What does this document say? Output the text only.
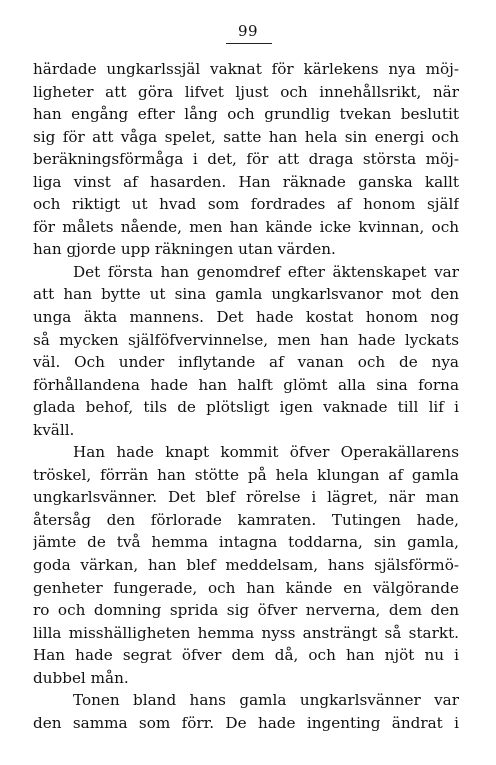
99
härdade ungkarlssjäl vaknat för kärlekens nya möj-
ligheter att göra lifvet ljust och innehållsrikt, när
han engång efter lång och grundlig tvekan beslutit
sig för att våga spelet, satte han hela sin energi och
beräkningsförmåga i det, för att draga största möj-
liga vinst af hasarden. Han räknade ganska kallt
och riktigt ut hvad som fordrades af honom själf
för målets nående, men han kände icke kvinnan, och
han gjorde upp räkningen utan värden.
Det första han genomdref efter äktenskapet var
att han bytte ut sina gamla ungkarlsvanor mot den
unga äkta mannens. Det hade kostat honom nog
så mycken själföfvervinnelse, men han hade lyckats
väl. Och under inflytande af vanan och de nya
förhållandena hade han halft glömt alla sina forna
glada behof, tils de plötsligt igen vaknade till lif i
kväll.
Han hade knapt kommit öfver Operakällarens
tröskel, förrän han stötte på hela klungan af gamla
ungkarlsvänner. Det blef rörelse i lägret, när man
återsåg den förlorade kamraten. Tutingen hade,
jämte de två hemma intagna toddarna, sin gamla,
goda värkan, han blef meddelsam, hans själsförmö-
genheter fungerade, och han kände en välgörande
ro och domning sprida sig öfver nerverna, dem den
lilla misshälligheten hemma nyss ansträngt så starkt.
Han hade segrat öfver dem då, och han njöt nu i
dubbel mån.
Tonen bland hans gamla ungkarlsvänner var
den samma som förr. De hade ingenting ändrat i
